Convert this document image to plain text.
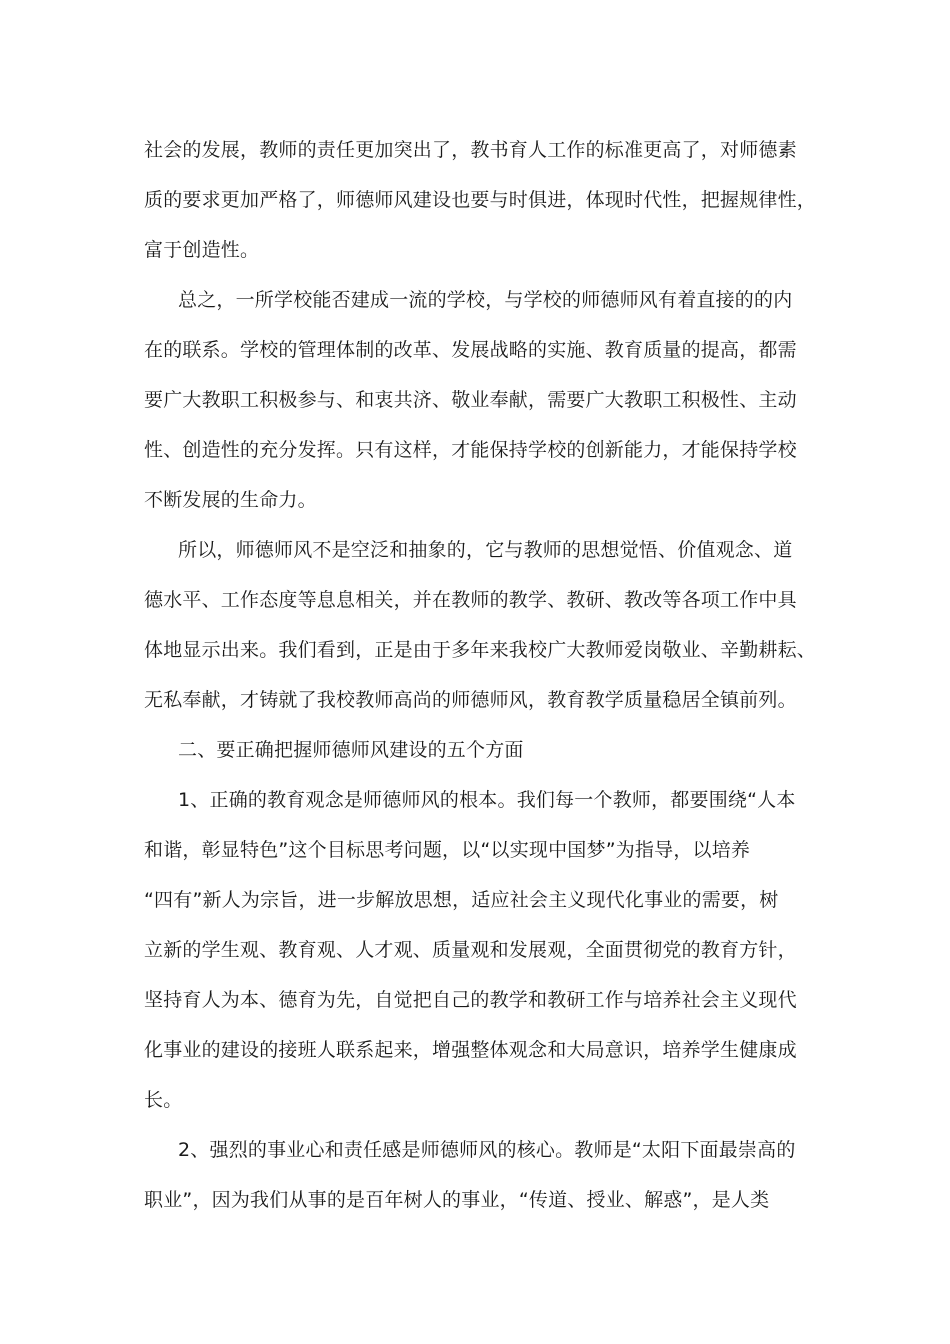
社会的发展，教师的责任更加突出了，教书育人工作的标准更高了，对师德素
质的要求更加严格了，师德师风建设也要与时俱进，体现时代性，把握规律性，
富于创造性。
总之，一所学校能否建成一流的学校，与学校的师德师风有着直接的的内
在的联系。学校的管理体制的改革、发展战略的实施、教育质量的提高，都需
要广大教职工积极参与、和衷共济、敬业奉献，需要广大教职工积极性、主动
性、创造性的充分发挥。只有这样，才能保持学校的创新能力，才能保持学校
不断发展的生命力。
所以，师德师风不是空泛和抽象的，它与教师的思想觉悟、价值观念、道
德水平、工作态度等息息相关，并在教师的教学、教研、教改等各项工作中具
体地显示出来。我们看到，正是由于多年来我校广大教师爱岗敬业、辛勤耕耘、
无私奉献，才铸就了我校教师高尚的师德师风，教育教学质量稳居全镇前列。
二、要正确把握师德师风建设的五个方面
1、正确的教育观念是师德师风的根本。我们每一个教师，都要围绕“人本
和谐，彰显特色”这个目标思考问题，以“以实现中国梦”为指导，以培养
“四有”新人为宗旨，进一步解放思想，适应社会主义现代化事业的需要，树
立新的学生观、教育观、人才观、质量观和发展观，全面贯彻党的教育方针，
坚持育人为本、德育为先，自觉把自己的教学和教研工作与培养社会主义现代
化事业的建设的接班人联系起来，增强整体观念和大局意识，培养学生健康成
长。
2、强烈的事业心和责任感是师德师风的核心。教师是“太阳下面最崇高的
职业”，因为我们从事的是百年树人的事业，“传道、授业、解惑”，是人类
